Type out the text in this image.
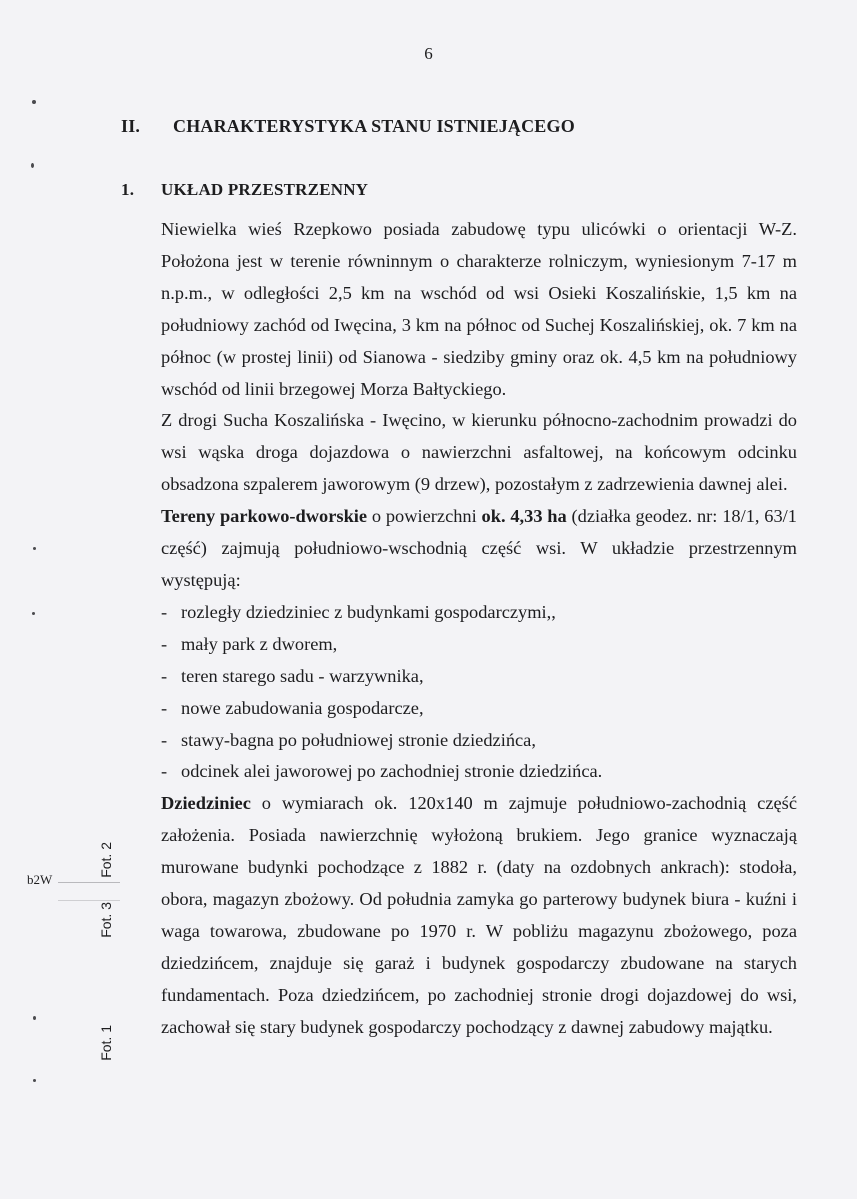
6
II. CHARAKTERYSTYKA STANU ISTNIEJĄCEGO
1. UKŁAD PRZESTRZENNY

Niewielka wieś Rzepkowo posiada zabudowę typu ulicówki o orientacji W-Z. Położona jest w terenie równinnym o charakterze rolniczym, wyniesionym 7-17 m n.p.m., w odległości 2,5 km na wschód od wsi Osieki Koszalińskie, 1,5 km na południowy zachód od Iwęcina, 3 km na północ od Suchej Koszalińskiej, ok. 7 km na północ (w prostej linii) od Sianowa - siedziby gminy oraz ok. 4,5 km na południowy wschód od linii brzegowej Morza Bałtyckiego.

Z drogi Sucha Koszalińska - Iwęcino, w kierunku północno-zachodnim prowadzi do wsi wąska droga dojazdowa o nawierzchni asfaltowej, na końcowym odcinku obsadzona szpalerem jaworowym (9 drzew), pozostałym z zadrzewienia dawnej alei.

Tereny parkowo-dworskie o powierzchni ok. 4,33 ha (działka geodez. nr: 18/1, 63/1 część) zajmują południowo-wschodnią część wsi. W układzie przestrzennym występują:

- rozległy dziedziniec z budynkami gospodarczymi,,
- mały park z dworem,
- teren starego sadu - warzywnika,
- nowe zabudowania gospodarcze,
- stawy-bagna po południowej stronie dziedzińca,
- odcinek alei jaworowej po zachodniej stronie dziedzińca.

Dziedziniec o wymiarach ok. 120x140 m zajmuje południowo-zachodnią część założenia. Posiada nawierzchnię wyłożoną brukiem. Jego granice wyznaczają murowane budynki pochodzące z 1882 r. (daty na ozdobnych ankrach): stodoła, obora, magazyn zbożowy. Od południa zamyka go parterowy budynek biura - kuźni i waga towarowa, zbudowane po 1970 r. W pobliżu magazynu zbożowego, poza dziedzińcem, znajduje się garaż i budynek gospodarczy zbudowane na starych fundamentach. Poza dziedzińcem, po zachodniej stronie drogi dojazdowej do wsi, zachował się stary budynek gospodarczy pochodzący z dawnej zabudowy majątku.

b2W
Fot. 2
Fot. 3
Fot. 1
